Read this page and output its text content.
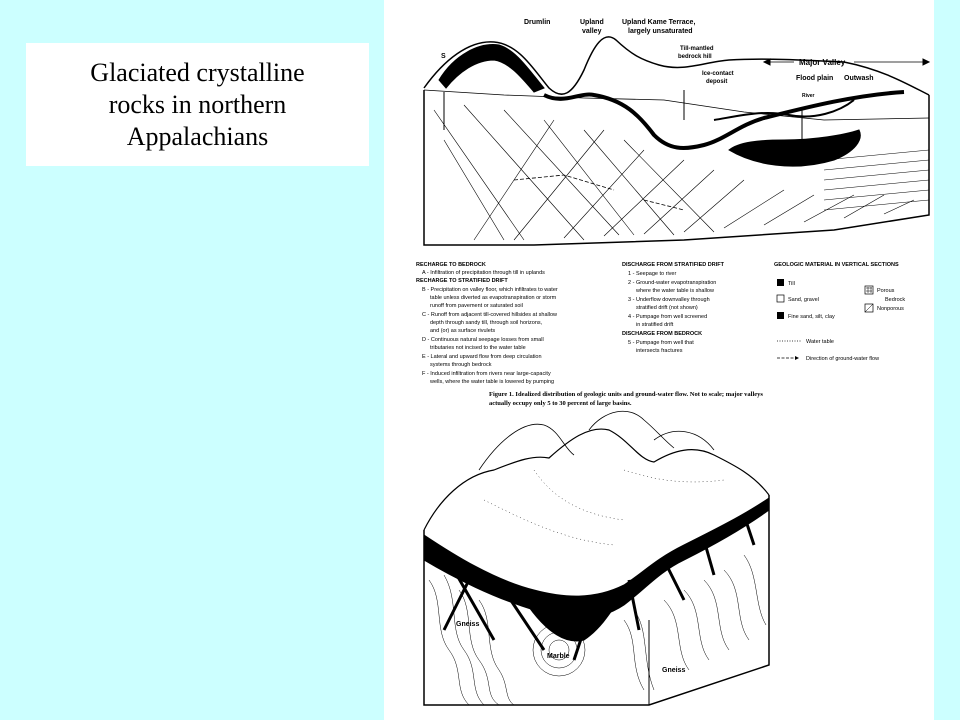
Glaciated crystalline
rocks in northern
Appalachians
Drumlin	Upland
valley
Upland Kame Terrace,
largely unsaturated
Till-mantled
bedrock hill
Major Valley
Ice-contact
deposit	Flood plain Outwash
River
S
RECHARGE TO BEDROCK
A - Infiltration of precipitation through till in uplands
RECHARGE TO STRATIFIED DRIFT
B - Precipitation on valley floor, which infiltrates to water
table unless diverted as evapotranspiration or storm
runoff from pavement or saturated soil
C - Runoff from adjacent till-covered hillsides at shallow
depth through sandy till, through soil horizons,
and (or) as surface rivulets
D - Continuous natural seepage losses from small
tributaries not incised to the water table
E - Lateral and upward flow from deep circulation
systems through bedrock
F - Induced infiltration from rivers near large-capacity
wells, where the water table is lowered by pumping
DISCHARGE FROM STRATIFIED DRIFT
1 - Seepage to river
2 - Ground-water evapotranspiration
where the water table is shallow
3 - Underflow downvalley through
stratified drift (not shown)
4 - Pumpage from well screened
in stratified drift
DISCHARGE FROM BEDROCK
5 - Pumpage from well that
intersects fractures
GEOLOGIC MATERIAL IN VERTICAL SECTIONS
Till
Sand, gravel
Fine sand, silt, clay
Porous
Bedrock
Nonporous
Water table
Direction of ground-water flow
Figure 1. Idealized distribution of geologic units and ground-water flow. Not to scale; major valleys
actually occupy only 5 to 30 percent of large basins.
Gneiss
Marble
Gneiss
